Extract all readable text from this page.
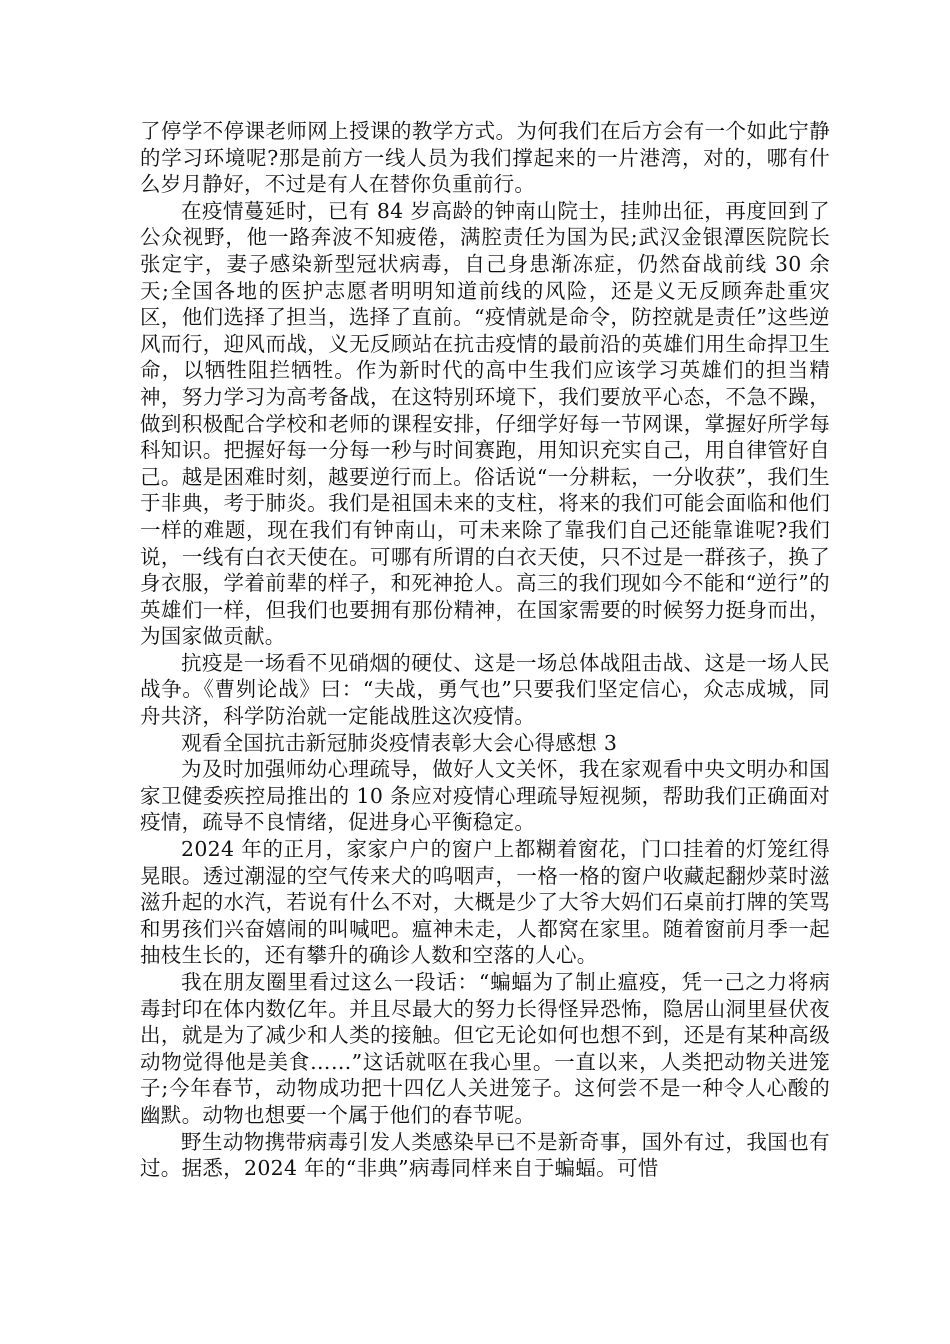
了停学不停课老师网上授课的教学方式。为何我们在后方会有一个如此宁静的学习环境呢?那是前方一线人员为我们撑起来的一片港湾，对的，哪有什么岁月静好，不过是有人在替你负重前行。

在疫情蔓延时，已有 84 岁高龄的钟南山院士，挂帅出征，再度回到了公众视野，他一路奔波不知疲倦，满腔责任为国为民;武汉金银潭医院院长张定宇，妻子感染新型冠状病毒，自己身患渐冻症，仍然奋战前线 30 余天;全国各地的医护志愿者明明知道前线的风险，还是义无反顾奔赴重灾区，他们选择了担当，选择了直前。“疫情就是命令，防控就是责任”这些逆风而行，迎风而战，义无反顾站在抗击疫情的最前沿的英雄们用生命捍卫生命，以牺牲阻拦牺牲。作为新时代的高中生我们应该学习英雄们的担当精神，努力学习为高考备战，在这特别环境下，我们要放平心态，不急不躁，做到积极配合学校和老师的课程安排，仔细学好每一节网课，掌握好所学每科知识。把握好每一分每一秒与时间赛跑，用知识充实自己，用自律管好自己。越是困难时刻，越要逆行而上。俗话说“一分耕耘，一分收获”，我们生于非典，考于肺炎。我们是祖国未来的支柱，将来的我们可能会面临和他们一样的难题，现在我们有钟南山，可未来除了靠我们自己还能靠谁呢?我们说，一线有白衣天使在。可哪有所谓的白衣天使，只不过是一群孩子，换了身衣服，学着前辈的样子，和死神抢人。高三的我们现如今不能和“逆行”的英雄们一样，但我们也要拥有那份精神，在国家需要的时候努力挺身而出，为国家做贡献。

抗疫是一场看不见硝烟的硬仗、这是一场总体战阻击战、这是一场人民战争。《曹刿论战》曰：“夫战，勇气也”只要我们坚定信心，众志成城，同舟共济，科学防治就一定能战胜这次疫情。

观看全国抗击新冠肺炎疫情表彰大会心得感想 3

为及时加强师幼心理疏导，做好人文关怀，我在家观看中央文明办和国家卫健委疾控局推出的 10 条应对疫情心理疏导短视频，帮助我们正确面对疫情，疏导不良情绪，促进身心平衡稳定。

2024 年的正月，家家户户的窗户上都糊着窗花，门口挂着的灯笼红得晃眼。透过潮湿的空气传来犬的呜咽声，一格一格的窗户收藏起翻炒菜时滋滋升起的水汽，若说有什么不对，大概是少了大爷大妈们石桌前打牌的笑骂和男孩们兴奋嬉闹的叫喊吧。瘟神未走，人都窝在家里。随着窗前月季一起抽枝生长的，还有攀升的确诊人数和空落的人心。

我在朋友圈里看过这么一段话：“蝙蝠为了制止瘟疫，凭一己之力将病毒封印在体内数亿年。并且尽最大的努力长得怪异恐怖，隐居山洞里昼伏夜出，就是为了减少和人类的接触。但它无论如何也想不到，还是有某种高级动物觉得他是美食……”这话就呕在我心里。一直以来，人类把动物关进笼子;今年春节，动物成功把十四亿人关进笼子。这何尝不是一种令人心酸的幽默。动物也想要一个属于他们的春节呢。

野生动物携带病毒引发人类感染早已不是新奇事，国外有过，我国也有过。据悉，2024 年的“非典”病毒同样来自于蝙蝠。可惜
